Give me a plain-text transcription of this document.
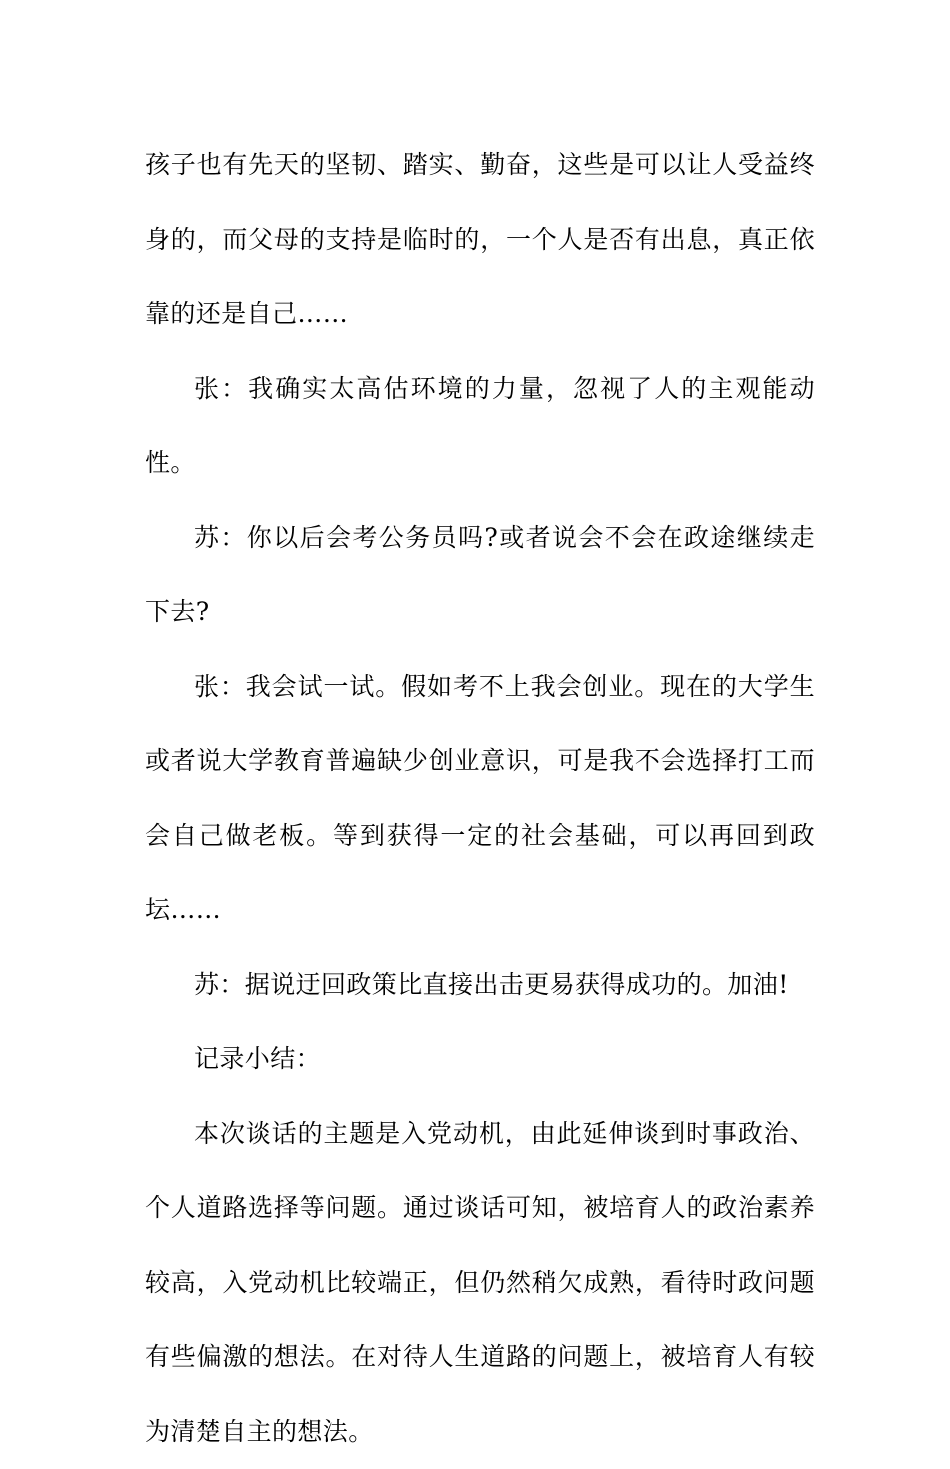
孩子也有先天的坚韧、踏实、勤奋，这些是可以让人受益终身的，而父母的支持是临时的，一个人是否有出息，真正依靠的还是自己……

张：我确实太高估环境的力量，忽视了人的主观能动性。

苏：你以后会考公务员吗?或者说会不会在政途继续走下去?

张：我会试一试。假如考不上我会创业。现在的大学生或者说大学教育普遍缺少创业意识，可是我不会选择打工而会自己做老板。等到获得一定的社会基础，可以再回到政坛……

苏：据说迂回政策比直接出击更易获得成功的。加油!

记录小结：

本次谈话的主题是入党动机，由此延伸谈到时事政治、个人道路选择等问题。通过谈话可知，被培育人的政治素养较高，入党动机比较端正，但仍然稍欠成熟，看待时政问题有些偏激的想法。在对待人生道路的问题上，被培育人有较为清楚自主的想法。
